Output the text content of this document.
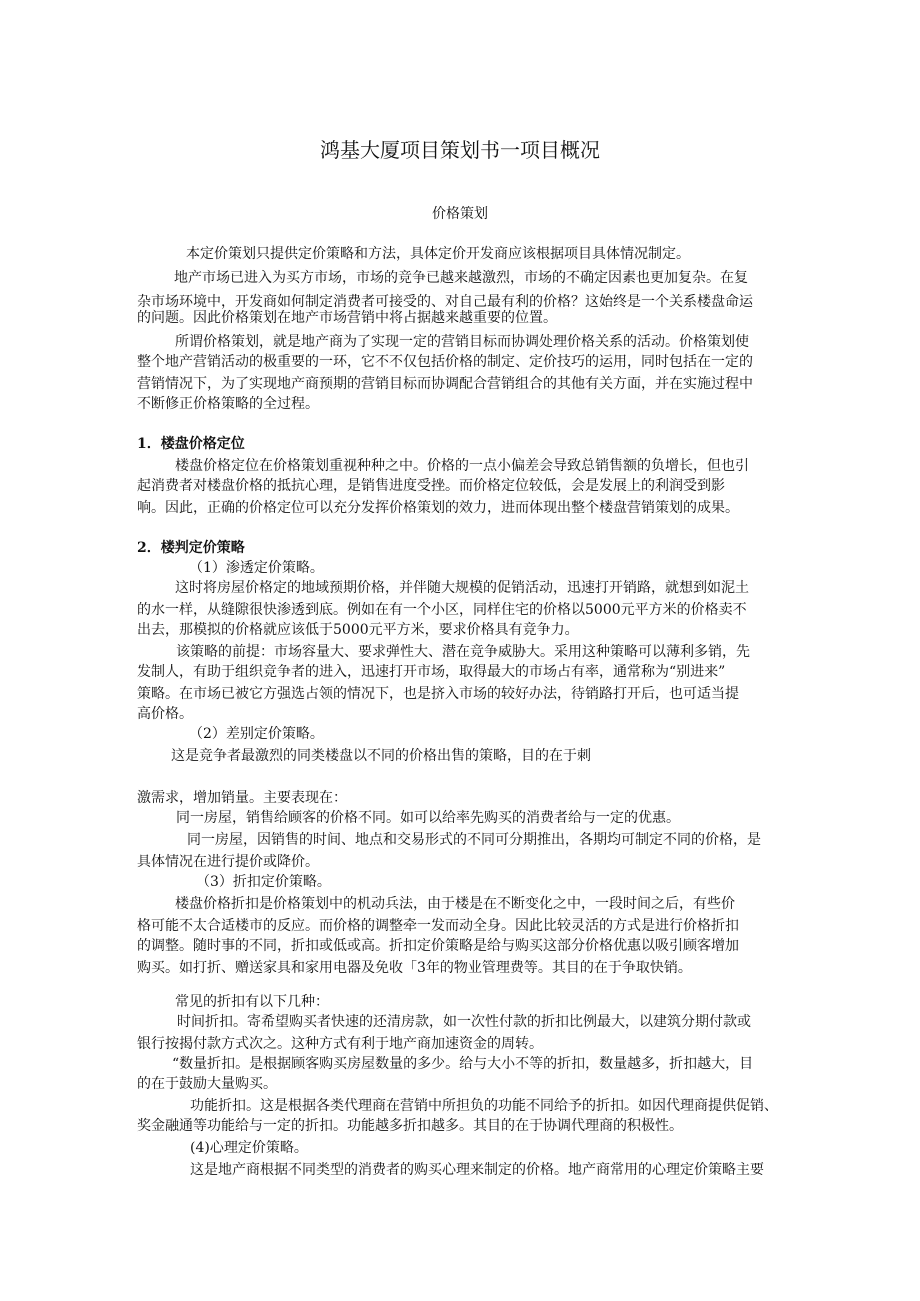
鸿基大厦项目策划书一项目概况
价格策划
本定价策划只提供定价策略和方法，具体定价开发商应该根据项目具体情况制定。
地产市场已进入为买方市场，市场的竞争已越来越激烈，市场的不确定因素也更加复杂。在复
杂市场环境中，开发商如何制定消费者可接受的、对自己最有利的价格？这始终是一个关系楼盘命运
的问题。因此价格策划在地产市场营销中将占据越来越重要的位置。
所谓价格策划，就是地产商为了实现一定的营销目标而协调处理价格关系的活动。价格策划使
整个地产营销活动的极重要的一环，它不不仅包括价格的制定、定价技巧的运用，同时包括在一定的
营销情况下，为了实现地产商预期的营销目标而协调配合营销组合的其他有关方面，并在实施过程中
不断修正价格策略的全过程。
1．楼盘价格定位
楼盘价格定位在价格策划重视种种之中。价格的一点小偏差会导致总销售额的负增长，但也引
起消费者对楼盘价格的抵抗心理，是销售进度受挫。而价格定位较低，会是发展上的利润受到影
响。因此，正确的价格定位可以充分发挥价格策划的效力，进而体现出整个楼盘营销策划的成果。
2．楼判定价策略
（1）渗透定价策略。
这时将房屋价格定的地域预期价格，并伴随大规模的促销活动，迅速打开销路，就想到如泥土
的水一样，从缝隙很快渗透到底。例如在有一个小区，同样住宅的价格以5000元平方米的价格卖不
出去，那模拟的价格就应该低于5000元平方米，要求价格具有竞争力。
该策略的前提：市场容量大、要求弹性大、潜在竞争威胁大。采用这种策略可以薄利多销，先
发制人，有助于组织竞争者的进入，迅速打开市场，取得最大的市场占有率，通常称为“别进来”
策略。在市场已被它方强选占领的情况下，也是挤入市场的较好办法，待销路打开后，也可适当提
高价格。
（2）差别定价策略。
这是竞争者最激烈的同类楼盘以不同的价格出售的策略，目的在于刺
激需求，增加销量。主要表现在：
同一房屋，销售给顾客的价格不同。如可以给率先购买的消费者给与一定的优惠。
同一房屋，因销售的时间、地点和交易形式的不同可分期推出，各期均可制定不同的价格，是
具体情况在进行提价或降价。
（3）折扣定价策略。
楼盘价格折扣是价格策划中的机动兵法，由于楼是在不断变化之中，一段时间之后，有些价
格可能不太合适楼市的反应。而价格的调整牵一发而动全身。因此比较灵活的方式是进行价格折扣
的调整。随时事的不同，折扣或低或高。折扣定价策略是给与购买这部分价格优惠以吸引顾客增加
购买。如打折、赠送家具和家用电器及免收「3年的物业管理费等。其目的在于争取快销。
常见的折扣有以下几种：
时间折扣。寄希望购买者快速的还清房款，如一次性付款的折扣比例最大，以建筑分期付款或
银行按揭付款方式次之。这种方式有利于地产商加速资金的周转。
“数量折扣。是根据顾客购买房屋数量的多少。给与大小不等的折扣，数量越多，折扣越大，目
的在于鼓励大量购买。
功能折扣。这是根据各类代理商在营销中所担负的功能不同给予的折扣。如因代理商提供促销、
奖金融通等功能给与一定的折扣。功能越多折扣越多。其目的在于协调代理商的积极性。
(4)心理定价策略。
这是地产商根据不同类型的消费者的购买心理来制定的价格。地产商常用的心理定价策略主要
